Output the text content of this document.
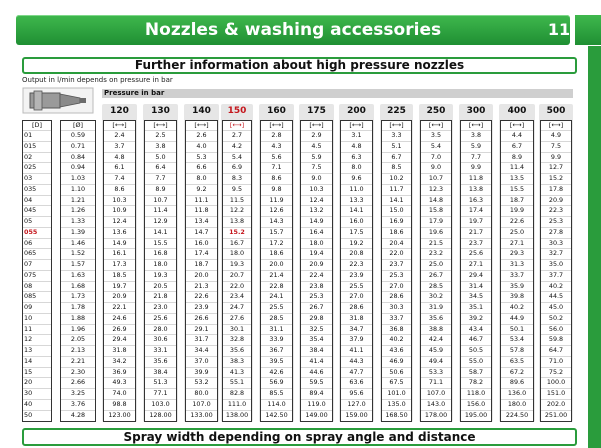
Nozzles & washing accessories	11
Further information about high pressure nozzles
Output in l/min depends on pressure in bar
Pressure in bar
120	130	140	150	160	175	200	225	250	300	400	500
[D]	[Ø]	[⟷]	[⟷]	[⟷]	[⟷]	[⟷]	[⟷]	[⟷]	[⟷]	[⟷]	[⟷]	[⟷]	[⟷]
01	0.59	2.4	2.5	2.6	2.7	2.8	2.9	3.1	3.3	3.5	3.8	4.4	4.9
015	0.71	3.7	3.8	4.0	4.2	4.3	4.5	4.8	5.1	5.4	5.9	6.7	7.5
02	0.84	4.8	5.0	5.3	5.4	5.6	5.9	6.3	6.7	7.0	7.7	8.9	9.9
025	0.94	6.1	6.4	6.6	6.9	7.1	7.5	8.0	8.5	9.0	9.9	11.4	12.7
03	1.03	7.4	7.7	8.0	8.3	8.6	9.0	9.6	10.2	10.7	11.8	13.5	15.2
035	1.10	8.6	8.9	9.2	9.5	9.8	10.3	11.0	11.7	12.3	13.8	15.5	17.8
04	1.21	10.3	10.7	11.1	11.5	11.9	12.4	13.3	14.1	14.8	16.3	18.7	20.9
045	1.26	10.9	11.4	11.8	12.2	12.6	13.2	14.1	15.0	15.8	17.4	19.9	22.3
05	1.33	12.4	12.9	13.4	13.8	14.3	14.9	16.0	16.9	17.9	19.7	22.6	25.3
055	1.39	13.6	14.1	14.7	15.2	15.7	16.4	17.5	18.6	19.6	21.7	25.0	27.8
06	1.46	14.9	15.5	16.0	16.7	17.2	18.0	19.2	20.4	21.5	23.7	27.1	30.3
065	1.52	16.1	16.8	17.4	18.0	18.6	19.4	20.8	22.0	23.2	25.6	29.3	32.7
07	1.57	17.3	18.0	18.7	19.3	20.0	20.9	22.3	23.7	25.0	27.1	31.3	35.0
075	1.63	18.5	19.3	20.0	20.7	21.4	22.4	23.9	25.3	26.7	29.4	33.7	37.7
08	1.68	19.7	20.5	21.3	22.0	22.8	23.8	25.5	27.0	28.5	31.4	35.9	40.2
085	1.73	20.9	21.8	22.6	23.4	24.1	25.3	27.0	28.6	30.2	34.5	39.8	44.5
09	1.78	22.1	23.0	23.9	24.7	25.5	26.7	28.6	30.3	31.9	35.1	40.2	45.0
10	1.88	24.6	25.6	26.6	27.6	28.5	29.8	31.8	33.7	35.6	39.2	44.9	50.2
11	1.96	26.9	28.0	29.1	30.1	31.1	32.5	34.7	36.8	38.8	43.4	50.1	56.0
12	2.05	29.4	30.6	31.7	32.8	33.9	35.4	37.9	40.2	42.4	46.7	53.4	59.8
13	2.13	31.8	33.1	34.4	35.6	36.7	38.4	41.1	43.6	45.9	50.5	57.8	64.7
14	2.21	34.2	35.6	37.0	38.3	39.5	41.4	44.3	46.9	49.4	55.0	63.5	71.0
15	2.30	36.9	38.4	39.9	41.3	42.6	44.6	47.7	50.6	53.3	58.7	67.2	75.2
20	2.66	49.3	51.3	53.2	55.1	56.9	59.5	63.6	67.5	71.1	78.2	89.6	100.0
30	3.25	74.0	77.1	80.0	82.8	85.5	89.4	95.6	101.0	107.0	118.0	136.0	151.0
40	3.76	98.8	103.0	107.0	111.0	114.0	119.0	127.0	135.0	143.0	156.0	180.0	202.0
50	4.28	123.00	128.00	133.00	138.00	142.50	149.00	159.00	168.50	178.00	195.00	224.50	251.00
Spray width depending on spray angle and distance
